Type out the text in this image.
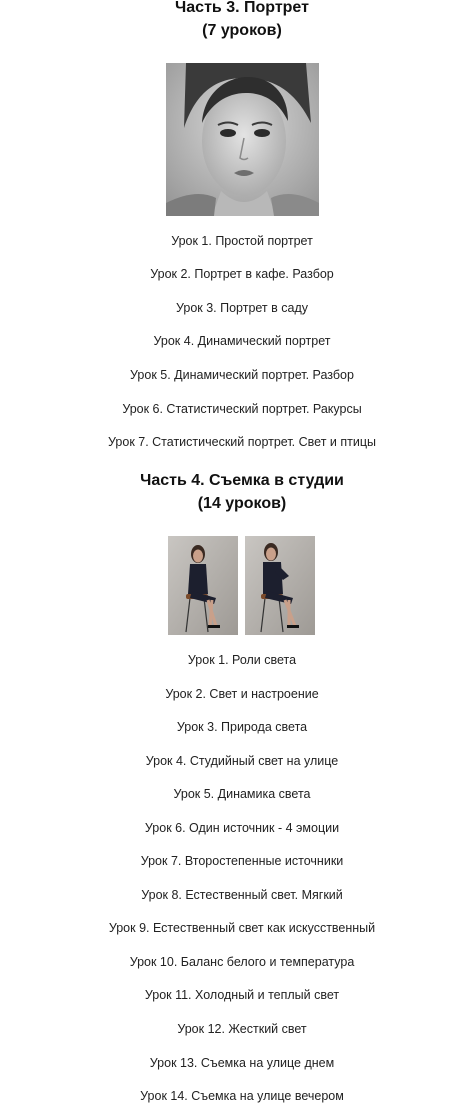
Часть 3. Портрет
(7 уроков)
Урок 1. Простой портрет
Урок 2. Портрет в кафе. Разбор
Урок 3. Портрет в саду
Урок 4. Динамический портрет
Урок 5. Динамический портрет. Разбор
Урок 6. Статистический портрет. Ракурсы
Урок 7. Статистический портрет. Свет и птицы
Часть 4. Съемка в студии
(14 уроков)
Урок 1. Роли света
Урок 2. Свет и настроение
Урок 3. Природа света
Урок 4. Студийный свет на улице
Урок 5. Динамика света
Урок 6. Один источник - 4 эмоции
Урок 7. Второстепенные источники
Урок 8. Естественный свет. Мягкий
Урок 9. Естественный свет как искусственный
Урок 10. Баланс белого и температура
Урок 11. Холодный и теплый свет
Урок 12. Жесткий свет
Урок 13. Съемка на улице днем
Урок 14. Съемка на улице вечером
